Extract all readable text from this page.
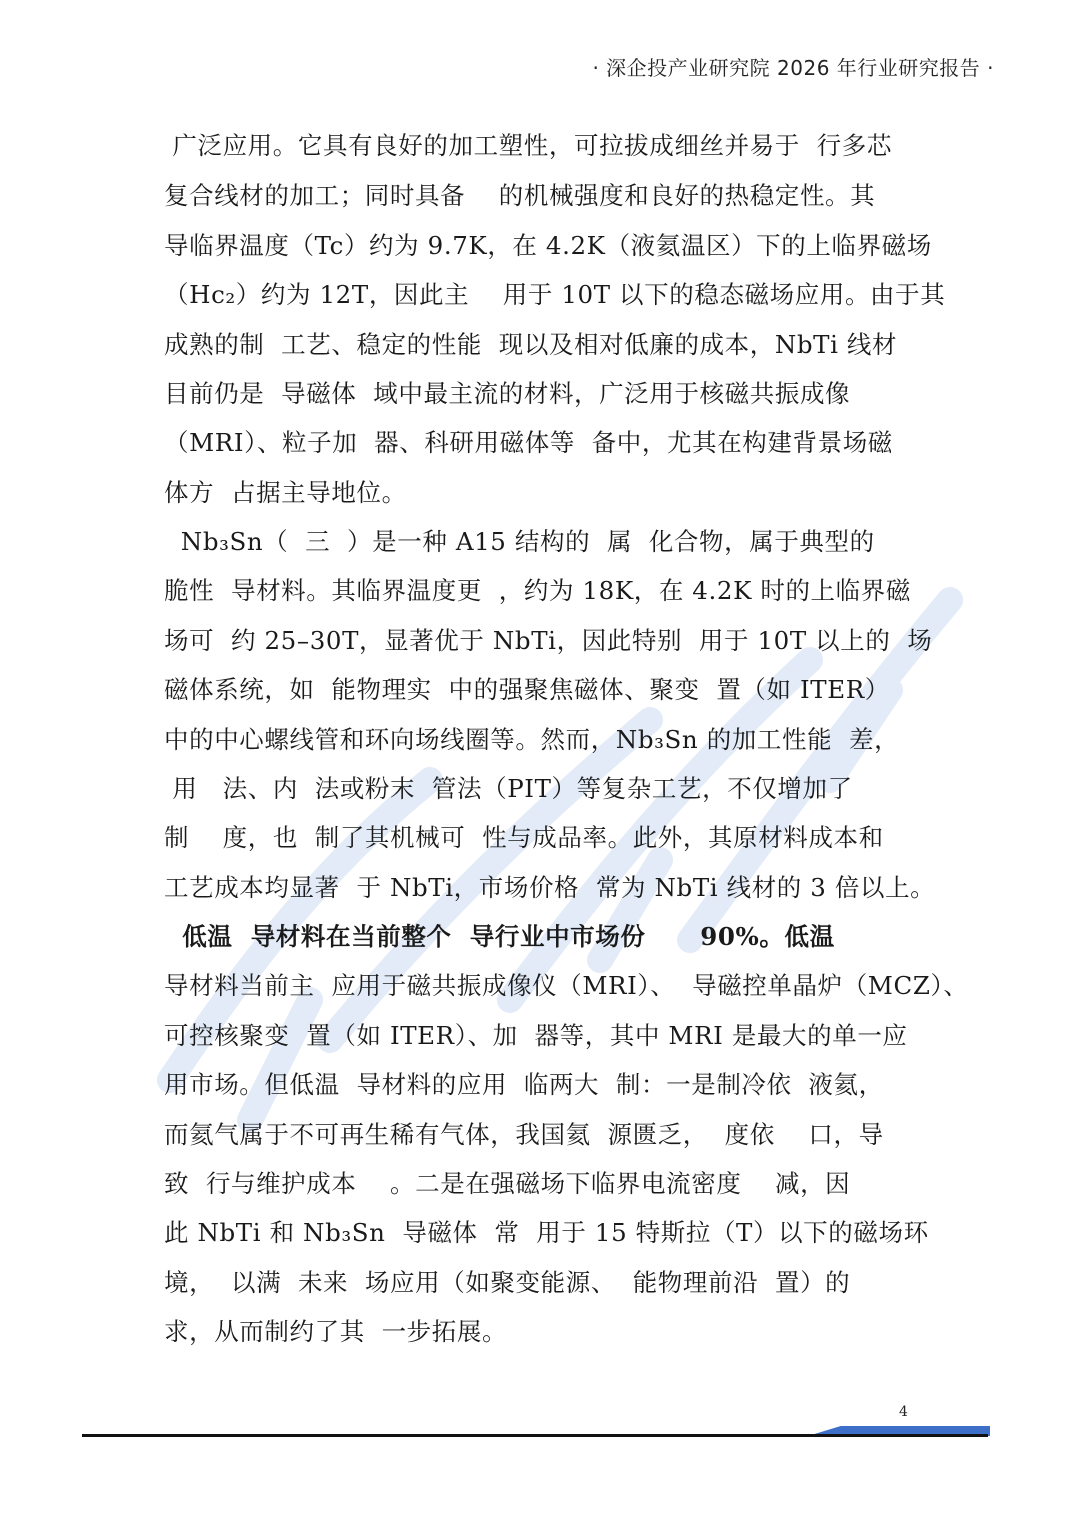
· 深企投产业研究院 2026 年行业研究报告 ·
广泛应用。它具有良好的加工塑性，可拉拔成细丝并易于  行多芯
复合线材的加工；同时具备    的机械强度和良好的热稳定性。其
导临界温度（Tc）约为 9.7K，在 4.2K（液氦温区）下的上临界磁场
（Hc₂）约为 12T，因此主    用于 10T 以下的稳态磁场应用。由于其
成熟的制  工艺、稳定的性能  现以及相对低廉的成本，NbTi 线材
目前仍是  导磁体  域中最主流的材料，广泛用于核磁共振成像
（MRI）、粒子加  器、科研用磁体等  备中，尤其在构建背景场磁
体方  占据主导地位。
Nb₃Sn（  三  ）是一种 A15 结构的  属  化合物，属于典型的
脆性  导材料。其临界温度更  ，约为 18K，在 4.2K 时的上临界磁
场可  约 25–30T，显著优于 NbTi，因此特别  用于 10T 以上的  场
磁体系统，如  能物理实  中的强聚焦磁体、聚变  置（如 ITER）
中的中心螺线管和环向场线圈等。然而，Nb₃Sn 的加工性能  差，
用   法、内  法或粉末  管法（PIT）等复杂工艺，不仅增加了
制    度，也  制了其机械可  性与成品率。此外，其原材料成本和
工艺成本均显著  于 NbTi，市场价格  常为 NbTi 线材的 3 倍以上。
低温  导材料在当前整个  导行业中市场份      90%。低温
导材料当前主  应用于磁共振成像仪（MRI）、  导磁控单晶炉（MCZ）、
可控核聚变  置（如 ITER）、加  器等，其中 MRI 是最大的单一应
用市场。但低温  导材料的应用  临两大  制：一是制冷依  液氦，
而氦气属于不可再生稀有气体，我国氦  源匮乏，  度依    口，导
致  行与维护成本    。二是在强磁场下临界电流密度    减，因
此 NbTi 和 Nb₃Sn  导磁体  常  用于 15 特斯拉（T）以下的磁场环
境，  以满  未来  场应用（如聚变能源、  能物理前沿  置）的
求，从而制约了其  一步拓展。
4
